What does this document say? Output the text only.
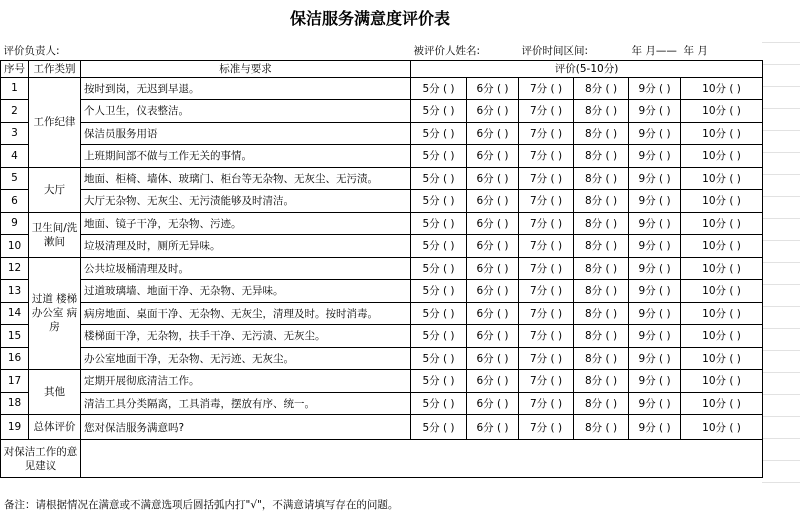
保洁服务满意度评价表
评价负责人:			被评价人姓名:		评价时间区间:		年 月——	年 月
序号	工作类别	标准与要求	评价(5-10分)					
1	工作纪律	按时到岗，无迟到早退。	5分 ( )	6分 ( )	7分 ( )	8分 ( )	9分 ( )	10分 ( )
2		个人卫生，仪表整洁。	5分 ( )	6分 ( )	7分 ( )	8分 ( )	9分 ( )	10分 ( )
3		保洁员服务用语	5分 ( )	6分 ( )	7分 ( )	8分 ( )	9分 ( )	10分 ( )
4		上班期间部不做与工作无关的事情。	5分 ( )	6分 ( )	7分 ( )	8分 ( )	9分 ( )	10分 ( )
5	大厅	地面、柜椅、墙体、玻璃门、柜台等无杂物、无灰尘、无污渍。	5分 ( )	6分 ( )	7分 ( )	8分 ( )	9分 ( )	10分 ( )
6		大厅无杂物、无灰尘、无污渍能够及时清洁。	5分 ( )	6分 ( )	7分 ( )	8分 ( )	9分 ( )	10分 ( )
9	卫生间/洗漱间	地面、镜子干净，无杂物、污迹。	5分 ( )	6分 ( )	7分 ( )	8分 ( )	9分 ( )	10分 ( )
10		垃圾清理及时，厕所无异味。	5分 ( )	6分 ( )	7分 ( )	8分 ( )	9分 ( )	10分 ( )
12	过道 楼梯 办公室 病房	公共垃圾桶清理及时。	5分 ( )	6分 ( )	7分 ( )	8分 ( )	9分 ( )	10分 ( )
13		过道玻璃墙、地面干净、无杂物、无异味。	5分 ( )	6分 ( )	7分 ( )	8分 ( )	9分 ( )	10分 ( )
14		病房地面、桌面干净、无杂物、无灰尘，清理及时。按时消毒。	5分 ( )	6分 ( )	7分 ( )	8分 ( )	9分 ( )	10分 ( )
15		楼梯面干净，无杂物，扶手干净、无污渍、无灰尘。	5分 ( )	6分 ( )	7分 ( )	8分 ( )	9分 ( )	10分 ( )
16		办公室地面干净，无杂物、无污迹、无灰尘。	5分 ( )	6分 ( )	7分 ( )	8分 ( )	9分 ( )	10分 ( )
17	其他	定期开展彻底清洁工作。	5分 ( )	6分 ( )	7分 ( )	8分 ( )	9分 ( )	10分 ( )
18		清洁工具分类隔离，工具消毒，摆放有序、统一。	5分 ( )	6分 ( )	7分 ( )	8分 ( )	9分 ( )	10分 ( )
19	总体评价	您对保洁服务满意吗?	5分 ( )	6分 ( )	7分 ( )	8分 ( )	9分 ( )	10分 ( )
对保洁工作的意见建议								
备注：请根据情况在满意或不满意选项后圆括弧内打"√"，不满意请填写存在的问题。
